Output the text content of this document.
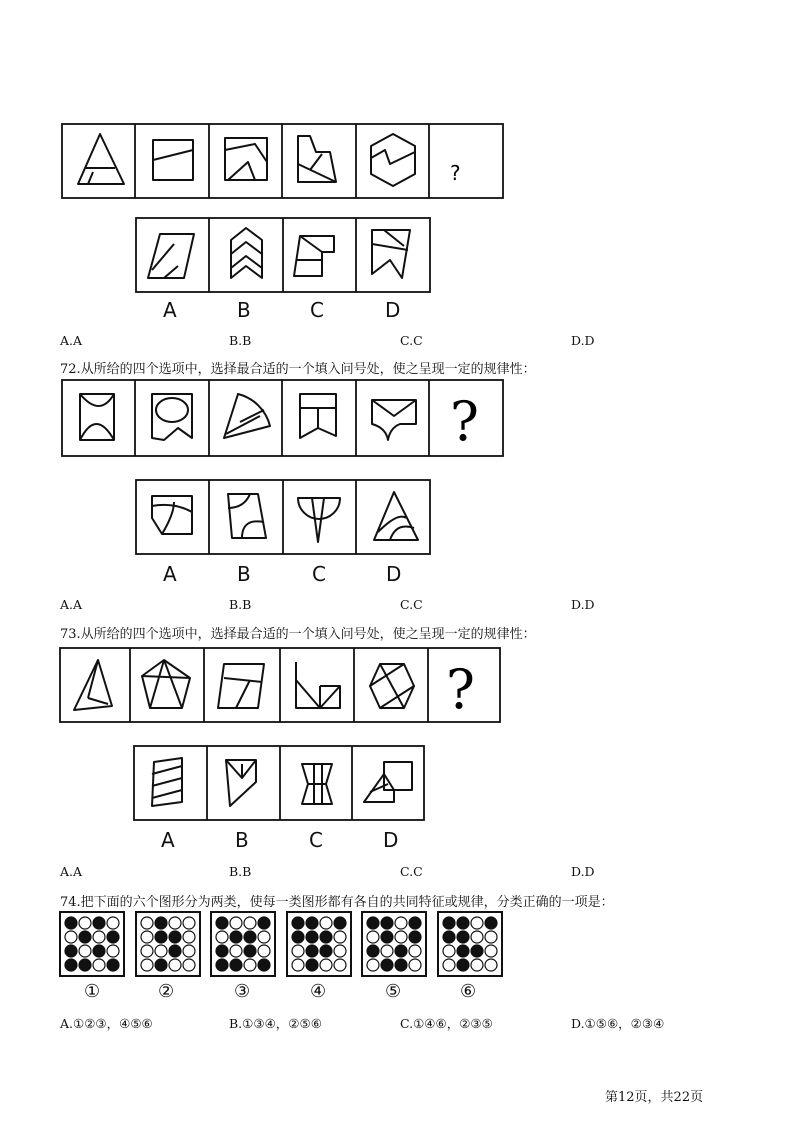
?
A	B	C	D
A.A	B.B	C.C	D.D
72.从所给的四个选项中，选择最合适的一个填入问号处，使之呈现一定的规律性：
?
A	B	C	D
A.A	B.B	C.C	D.D
73.从所给的四个选项中，选择最合适的一个填入问号处，使之呈现一定的规律性：
?
A	B	C	D
A.A	B.B	C.C	D.D
74.把下面的六个图形分为两类，使每一类图形都有各自的共同特征或规律，分类正确的一项是：
①	②	③	④	⑤	⑥
A.①②③，④⑤⑥	B.①③④，②⑤⑥	C.①④⑥，②③⑤	D.①⑤⑥，②③④
第12页，共22页
